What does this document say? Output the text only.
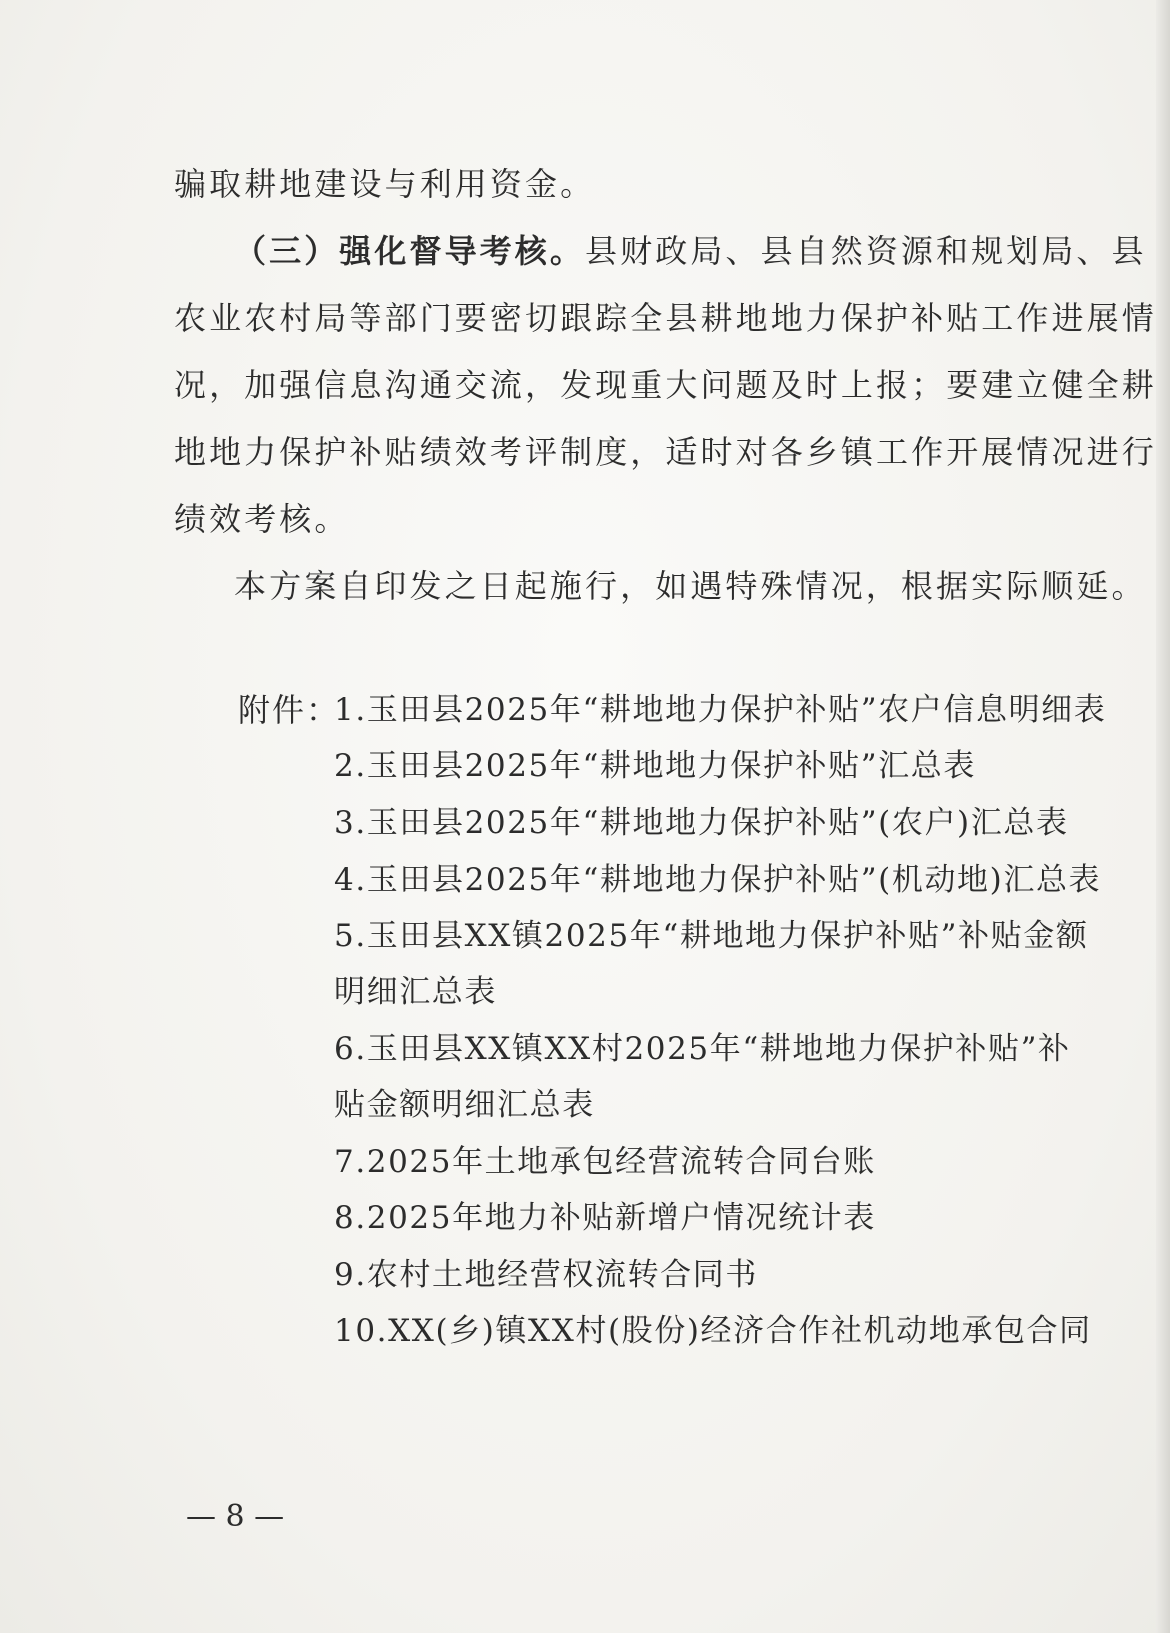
骗取耕地建设与利用资金。
（三）强化督导考核。县财政局、县自然资源和规划局、县
农业农村局等部门要密切跟踪全县耕地地力保护补贴工作进展情
况，加强信息沟通交流，发现重大问题及时上报；要建立健全耕
地地力保护补贴绩效考评制度，适时对各乡镇工作开展情况进行
绩效考核。
本方案自印发之日起施行，如遇特殊情况，根据实际顺延。
附件：
1.玉田县2025年“耕地地力保护补贴”农户信息明细表
2.玉田县2025年“耕地地力保护补贴”汇总表
3.玉田县2025年“耕地地力保护补贴”(农户)汇总表
4.玉田县2025年“耕地地力保护补贴”(机动地)汇总表
5.玉田县XX镇2025年“耕地地力保护补贴”补贴金额
明细汇总表
6.玉田县XX镇XX村2025年“耕地地力保护补贴”补
贴金额明细汇总表
7.2025年土地承包经营流转合同台账
8.2025年地力补贴新增户情况统计表
9.农村土地经营权流转合同书
10.XX(乡)镇XX村(股份)经济合作社机动地承包合同
— 8 —
